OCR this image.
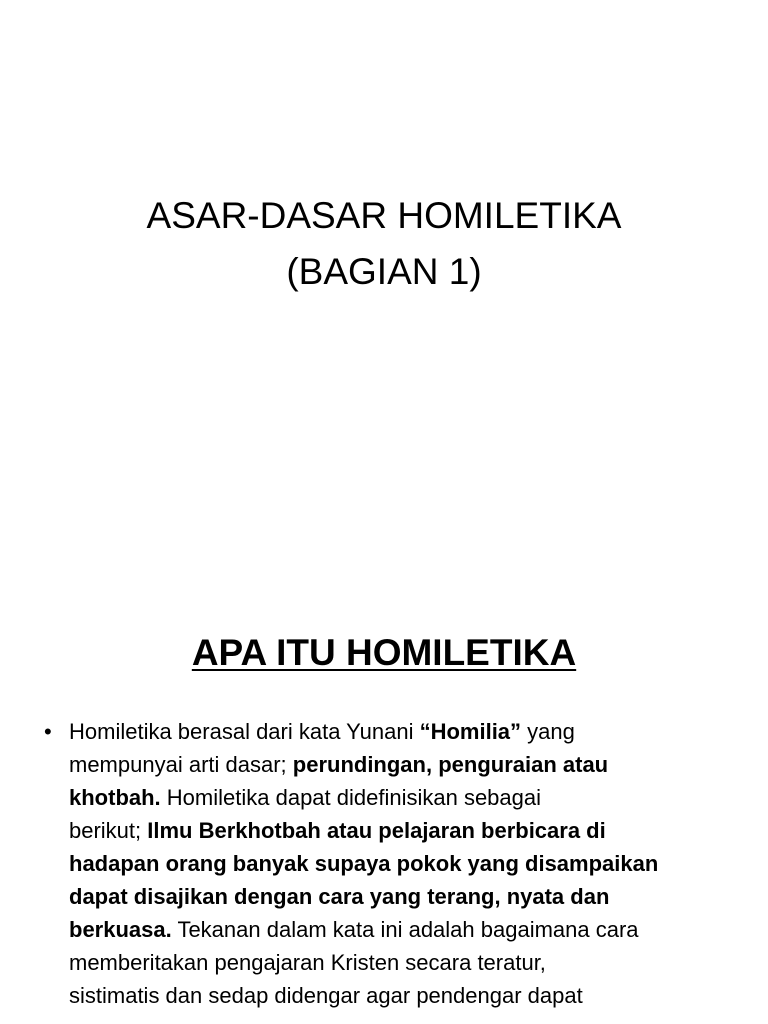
ASAR-DASAR HOMILETIKA
(BAGIAN 1)
APA ITU HOMILETIKA
• Homiletika berasal dari kata Yunani “Homilia” yang
mempunyai arti dasar; perundingan, penguraian atau
khotbah. Homiletika dapat didefinisikan sebagai
berikut; Ilmu Berkhotbah atau pelajaran berbicara di
hadapan orang banyak supaya pokok yang disampaikan
dapat disajikan dengan cara yang terang, nyata dan
berkuasa. Tekanan dalam kata ini adalah bagaimana cara
memberitakan pengajaran Kristen secara teratur,
sistimatis dan sedap didengar agar pendengar dapat
